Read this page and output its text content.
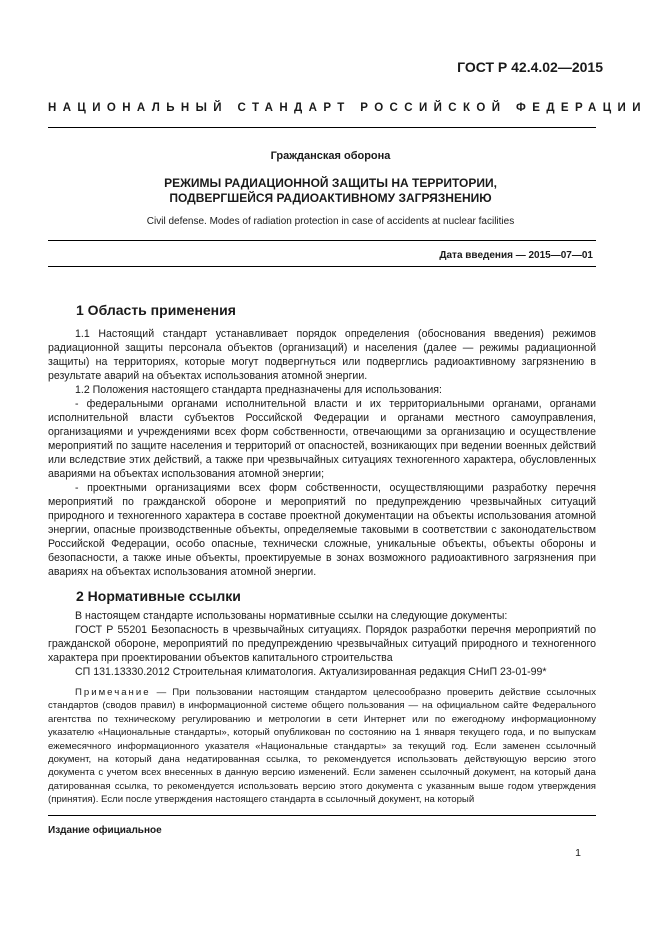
ГОСТ Р 42.4.02—2015
НАЦИОНАЛЬНЫЙ СТАНДАРТ РОССИЙСКОЙ ФЕДЕРАЦИИ
Гражданская оборона
РЕЖИМЫ РАДИАЦИОННОЙ ЗАЩИТЫ НА ТЕРРИТОРИИ,
ПОДВЕРГШЕЙСЯ РАДИОАКТИВНОМУ ЗАГРЯЗНЕНИЮ
Civil defense. Modes of radiation protection in case of accidents at nuclear facilities
Дата введения — 2015—07—01
1 Область применения

1.1 Настоящий стандарт устанавливает порядок определения (обоснования введения) режимов радиационной защиты персонала объектов (организаций) и населения (далее — режимы радиационной защиты) на территориях, которые могут подвергнуться или подверглись радиоактивному загрязнению в результате аварий на объектах использования атомной энергии.

1.2 Положения настоящего стандарта предназначены для использования:

- федеральными органами исполнительной власти и их территориальными органами, органами исполнительной власти субъектов Российской Федерации и органами местного самоуправления, организациями и учреждениями всех форм собственности, отвечающими за организацию и осуществление мероприятий по защите населения и территорий от опасностей, возникающих при ведении военных действий или вследствие этих действий, а также при чрезвычайных ситуациях техногенного характера, обусловленных авариями на объектах использования атомной энергии;

- проектными организациями всех форм собственности, осуществляющими разработку перечня мероприятий по гражданской обороне и мероприятий по предупреждению чрезвычайных ситуаций природного и техногенного характера в составе проектной документации на объекты использования атомной энергии, опасные производственные объекты, определяемые таковыми в соответствии с законодательством Российской Федерации, особо опасные, технически сложные, уникальные объекты, объекты обороны и безопасности, а также иные объекты, проектируемые в зонах возможного радиоактивного загрязнения при авариях на объектах использования атомной энергии.

2 Нормативные ссылки

В настоящем стандарте использованы нормативные ссылки на следующие документы:

ГОСТ Р 55201 Безопасность в чрезвычайных ситуациях. Порядок разработки перечня мероприятий по гражданской обороне, мероприятий по предупреждению чрезвычайных ситуаций природного и техногенного характера при проектировании объектов капитального строительства

СП 131.13330.2012 Строительная климатология. Актуализированная редакция СНиП 23-01-99*

Примечание — При пользовании настоящим стандартом целесообразно проверить действие ссылочных стандартов (сводов правил) в информационной системе общего пользования — на официальном сайте Федерального агентства по техническому регулированию и метрологии в сети Интернет или по ежегодному информационному указателю «Национальные стандарты», который опубликован по состоянию на 1 января текущего года, и по выпускам ежемесячного информационного указателя «Национальные стандарты» за текущий год. Если заменен ссылочный документ, на который дана недатированная ссылка, то рекомендуется использовать действующую версию этого документа с учетом всех внесенных в данную версию изменений. Если заменен ссылочный документ, на который дана датированная ссылка, то рекомендуется использовать версию этого документа с указанным выше годом утверждения (принятия). Если после утверждения настоящего стандарта в ссылочный документ, на который

Издание официальное
1
